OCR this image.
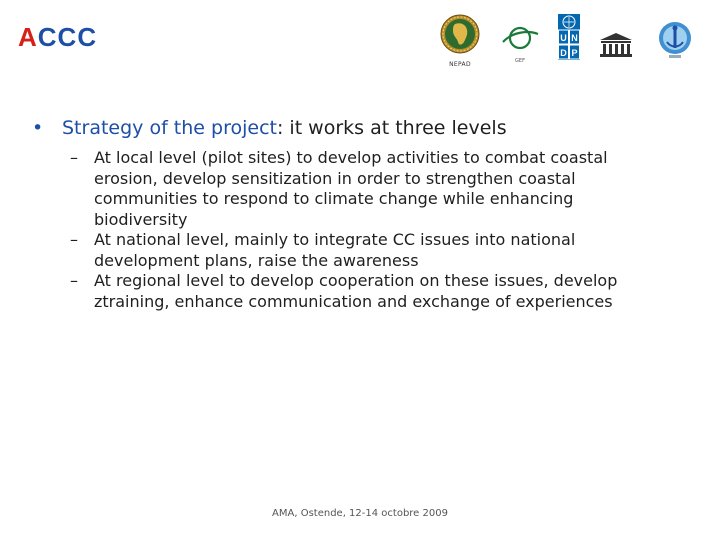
ACCC
NEPAD	GEF
U N
D P
• Strategy of the project: it works at three levels
– At local level (pilot sites) to develop activities to combat coastal
erosion, develop sensitization in order to strengthen coastal
communities to respond to climate change while enhancing
biodiversity
– At national level, mainly to integrate CC issues into national
development plans, raise the awareness
– At regional level to develop cooperation on these issues, develop
ztraining, enhance communication and exchange of experiences
AMA, Ostende, 12-14 octobre 2009
